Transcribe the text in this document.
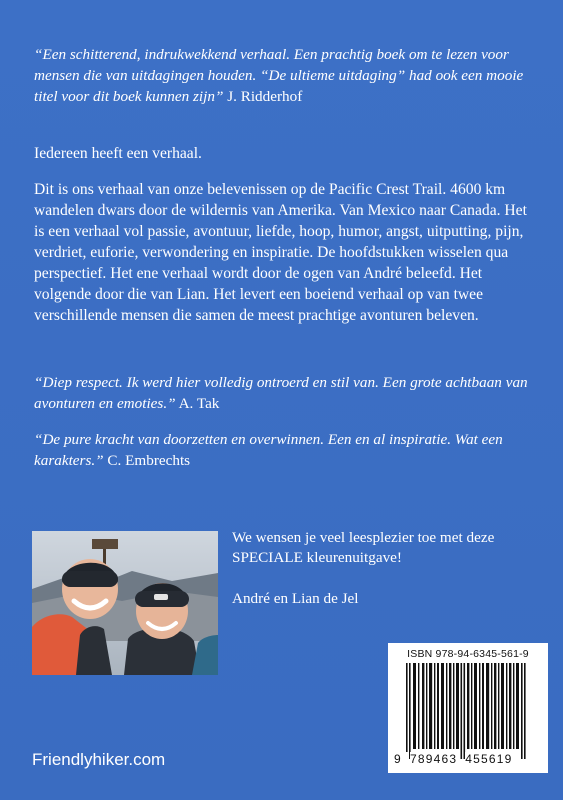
“Een schitterend, indrukwekkend verhaal. Een prachtig boek om te lezen voor mensen die van uitdagingen houden. “De ultieme uitdaging” had ook een mooie titel voor dit boek kunnen zijn” J. Ridderhof
Iedereen heeft een verhaal.

Dit is ons verhaal van onze belevenissen op de Pacific Crest Trail. 4600 km wandelen dwars door de wildernis van Amerika. Van Mexico naar Canada. Het is een verhaal vol passie, avontuur, liefde, hoop, humor, angst, uitputting, pijn, verdriet, euforie, verwondering en inspiratie. De hoofdstukken wisselen qua perspectief. Het ene verhaal wordt door de ogen van André beleefd. Het volgende door die van Lian. Het levert een boeiend verhaal op van twee verschillende mensen die samen de meest prachtige avonturen beleven.

“Diep respect. Ik werd hier volledig ontroerd en stil van. Een grote achtbaan van avonturen en emoties.” A. Tak
“De pure kracht van doorzetten en overwinnen. Een en al inspiratie. Wat een karakters.” C. Embrechts
We wensen je veel leesplezier toe met deze SPECIALE kleurenuitgave!
André en Lian de Jel
ISBN 978-94-6345-561-9
9 789463 455619
Friendlyhiker.com
